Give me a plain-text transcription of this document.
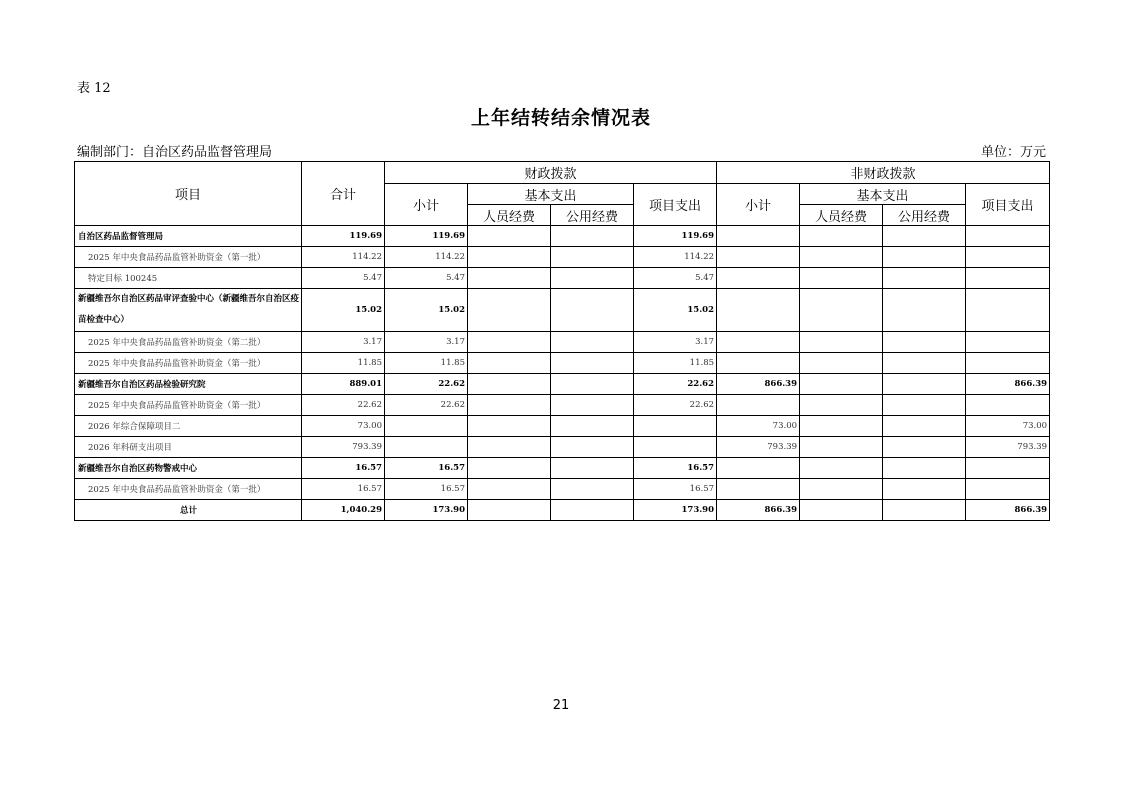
表 12
上年结转结余情况表
编制部门：自治区药品监督管理局	单位：万元
项目	合计	财政拨款				非财政拨款			
		小计	基本支出		项目支出	小计	基本支出		项目支出
			人员经费	公用经费			人员经费	公用经费	
自治区药品监督管理局	119.69	119.69			119.69				
2025 年中央食品药品监管补助资金（第一批）	114.22	114.22			114.22				
特定目标 100245	5.47	5.47			5.47				
新疆维吾尔自治区药品审评查验中心（新疆维吾尔自治区疫苗检查中心）	15.02	15.02			15.02				
2025 年中央食品药品监管补助资金（第二批）	3.17	3.17			3.17				
2025 年中央食品药品监管补助资金（第一批）	11.85	11.85			11.85				
新疆维吾尔自治区药品检验研究院	889.01	22.62			22.62	866.39			866.39
2025 年中央食品药品监管补助资金（第一批）	22.62	22.62			22.62				
2026 年综合保障项目二	73.00					73.00			73.00
2026 年科研支出项目	793.39					793.39			793.39
新疆维吾尔自治区药物警戒中心	16.57	16.57			16.57				
2025 年中央食品药品监管补助资金（第一批）	16.57	16.57			16.57				
总计	1,040.29	173.90			173.90	866.39			866.39
21
